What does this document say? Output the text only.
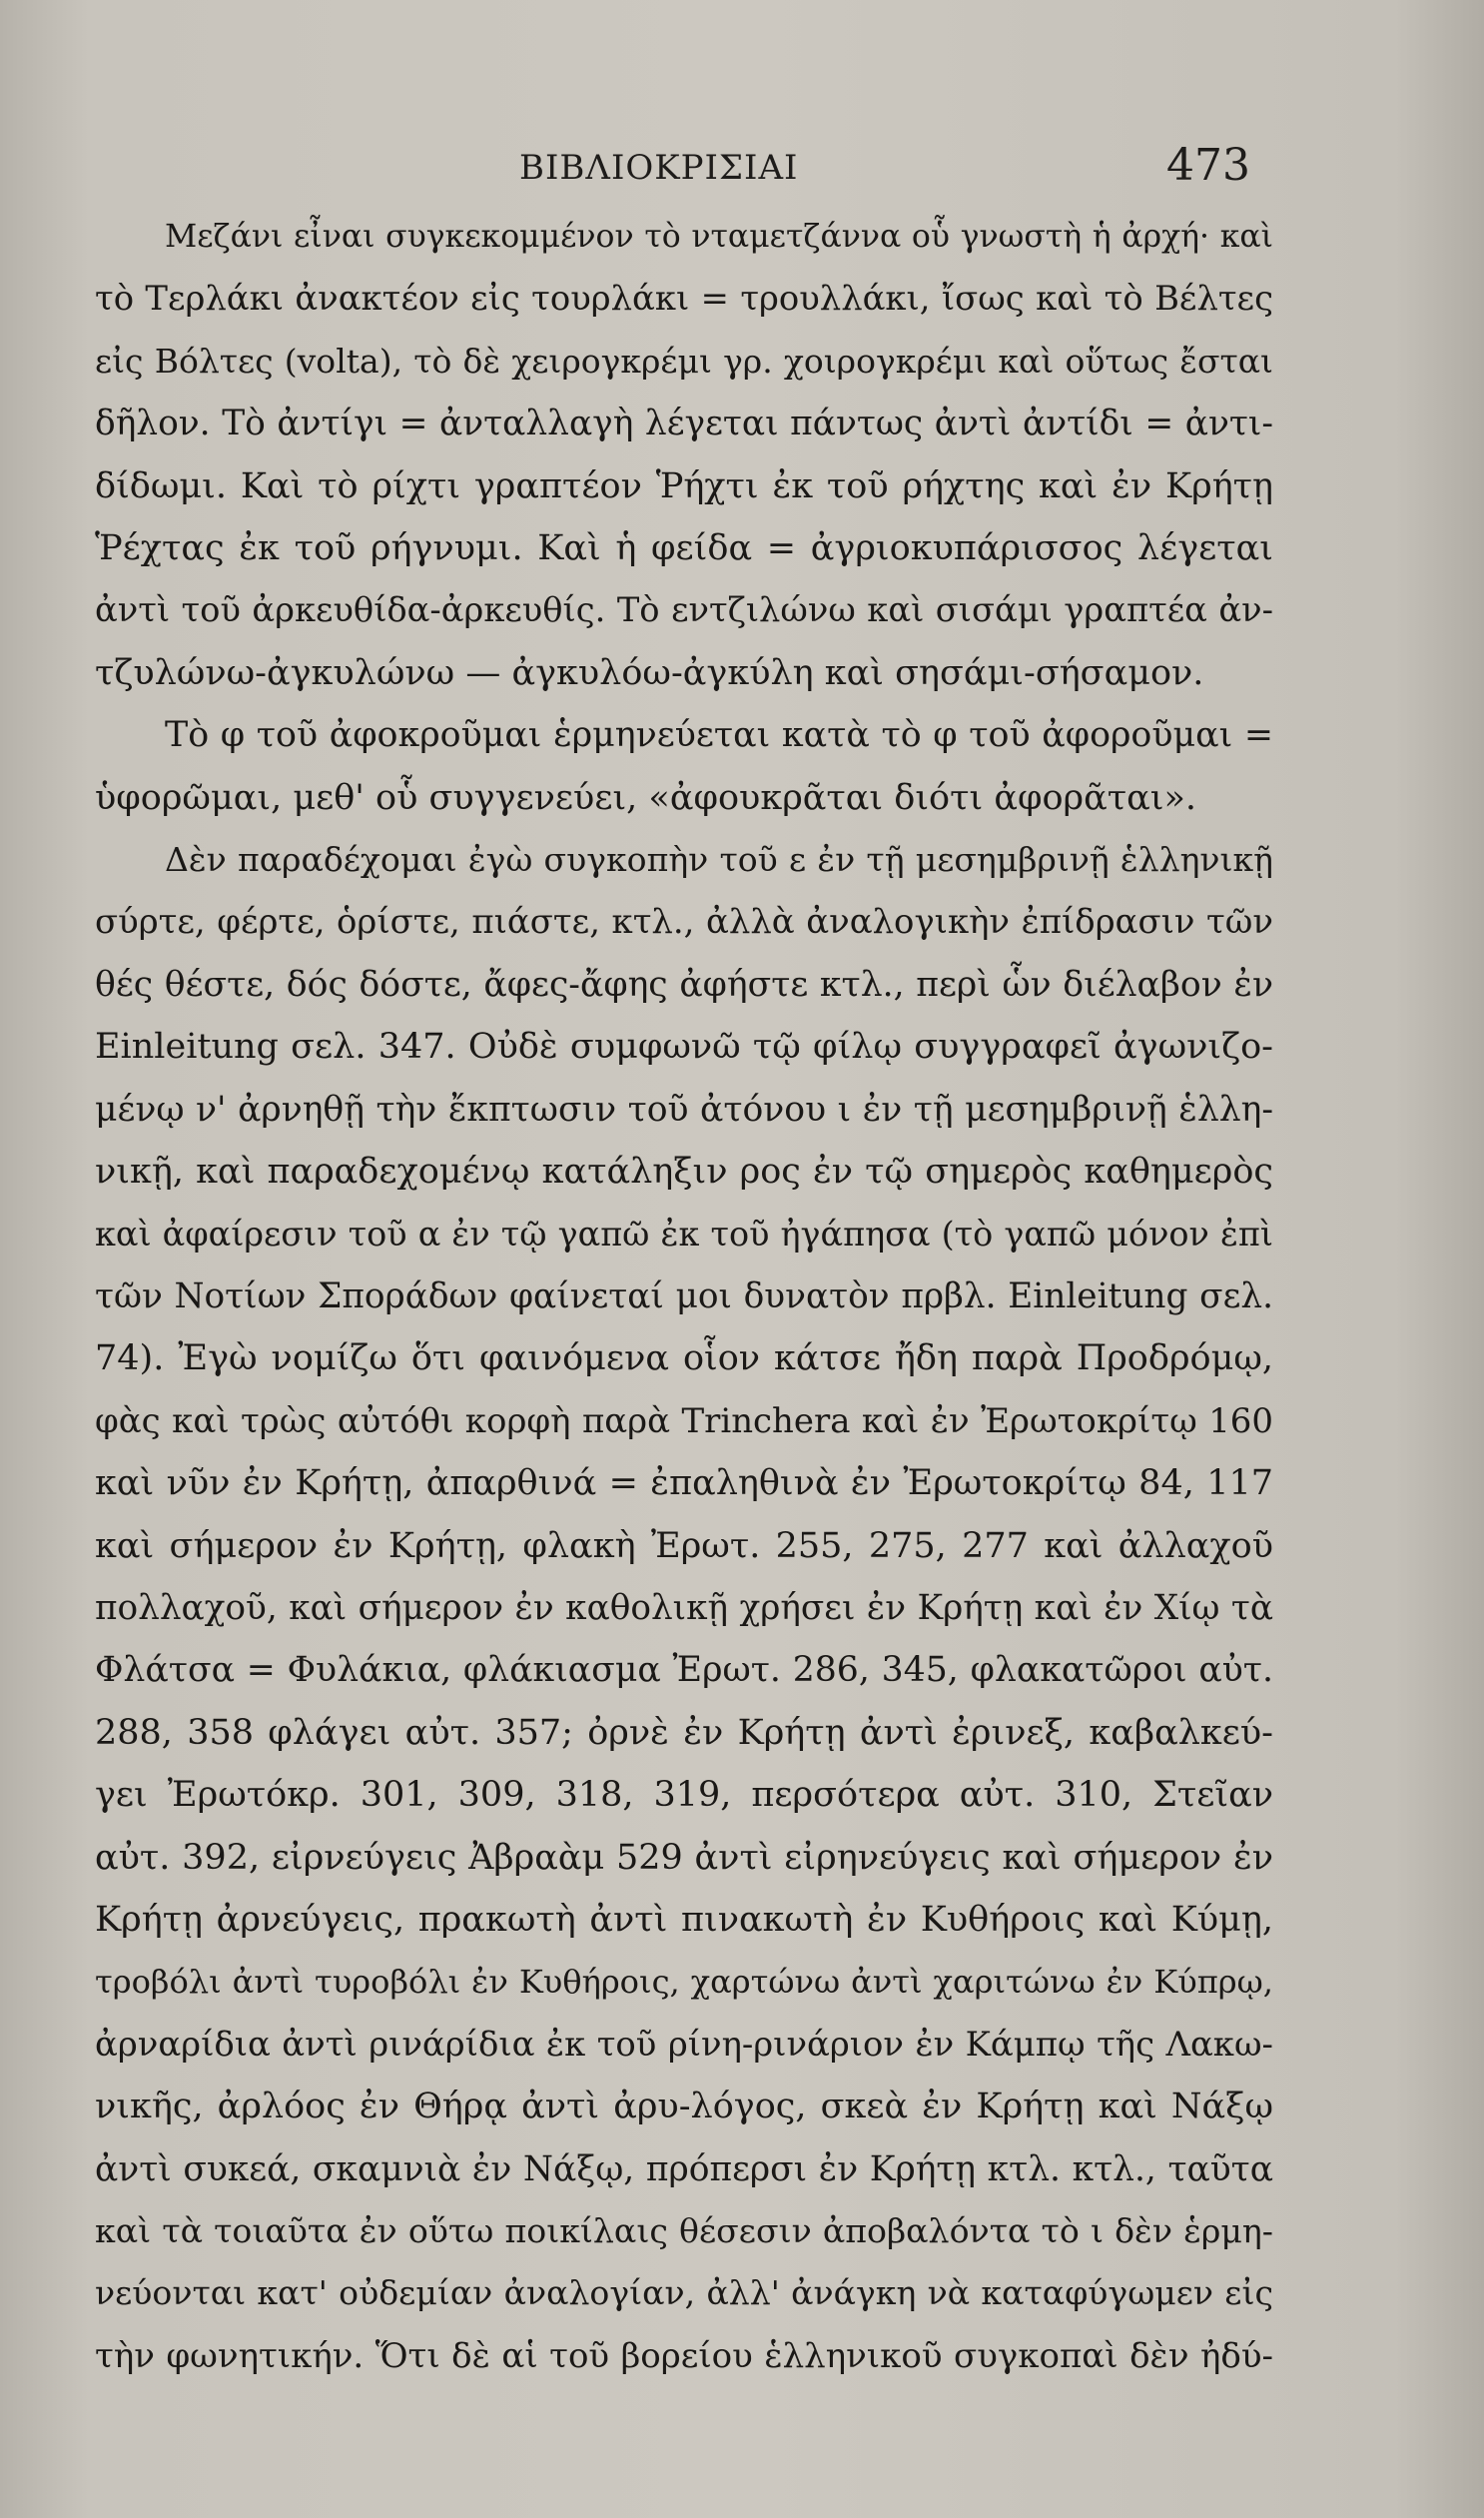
ΒΙΒΛΙΟΚΡΙΣΙΑΙ	473
Μεζάνι εἶναι συγκεκομμένον τὸ νταμετζάννα οὗ γνωστὴ ἡ ἀρχή· καὶ
τὸ Τερλάκι ἀνακτέον εἰς τουρλάκι = τρουλλάκι, ἴσως καὶ τὸ Βέλτες
εἰς Βόλτες (volta), τὸ δὲ χειρογκρέμι γρ. χοιρογκρέμι καὶ οὕτως ἔσται
δῆλον. Τὸ ἀντίγι = ἀνταλλαγὴ λέγεται πάντως ἀντὶ ἀντίδι = ἀντι-
δίδωμι. Καὶ τὸ ρίχτι γραπτέον Ῥήχτι ἐκ τοῦ ρήχτης καὶ ἐν Κρήτῃ
Ῥέχτας ἐκ τοῦ ρήγνυμι. Καὶ ἡ φείδα = ἀγριοκυπάρισσος λέγεται
ἀντὶ τοῦ ἀρκευθίδα-ἀρκευθίς. Τὸ εντζιλώνω καὶ σισάμι γραπτέα ἀν-
τζυλώνω-ἀγκυλώνω — ἀγκυλόω-ἀγκύλη καὶ σησάμι-σήσαμον.
Τὸ φ τοῦ ἀφοκροῦμαι ἑρμηνεύεται κατὰ τὸ φ τοῦ ἀφοροῦμαι =
ὑφορῶμαι, μεθ' οὗ συγγενεύει, «ἀφουκρᾶται διότι ἀφορᾶται».
Δὲν παραδέχομαι ἐγὼ συγκοπὴν τοῦ ε ἐν τῇ μεσημβρινῇ ἑλληνικῇ
σύρτε, φέρτε, ὁρίστε, πιάστε, κτλ., ἀλλὰ ἀναλογικὴν ἐπίδρασιν τῶν
θές θέστε, δός δόστε, ἄφες-ἄφης ἀφήστε κτλ., περὶ ὧν διέλαβον ἐν
Einleitung σελ. 347. Οὐδὲ συμφωνῶ τῷ φίλῳ συγγραφεῖ ἀγωνιζο-
μένῳ ν' ἀρνηθῇ τὴν ἔκπτωσιν τοῦ ἀτόνου ι ἐν τῇ μεσημβρινῇ ἑλλη-
νικῇ, καὶ παραδεχομένῳ κατάληξιν ρος ἐν τῷ σημερὸς καθημερὸς
καὶ ἀφαίρεσιν τοῦ α ἐν τῷ γαπῶ ἐκ τοῦ ἠγάπησα (τὸ γαπῶ μόνον ἐπὶ
τῶν Νοτίων Σποράδων φαίνεταί μοι δυνατὸν πρβλ. Einleitung σελ.
74). Ἐγὼ νομίζω ὅτι φαινόμενα οἷον κάτσε ἤδη παρὰ Προδρόμῳ,
φὰς καὶ τρὼς αὐτόθι κορφὴ παρὰ Trinchera καὶ ἐν Ἐρωτοκρίτῳ 160
καὶ νῦν ἐν Κρήτῃ, ἀπαρθινά = ἐπαληθινὰ ἐν Ἐρωτοκρίτῳ 84, 117
καὶ σήμερον ἐν Κρήτῃ, φλακὴ Ἐρωτ. 255, 275, 277 καὶ ἀλλαχοῦ
πολλαχοῦ, καὶ σήμερον ἐν καθολικῇ χρήσει ἐν Κρήτῃ καὶ ἐν Χίῳ τὰ
Φλάτσα = Φυλάκια, φλάκιασμα Ἐρωτ. 286, 345, φλακατῶροι αὐτ.
288, 358 φλάγει αὐτ. 357; ὀρνὲ ἐν Κρήτῃ ἀντὶ ἐρινεξ, καβαλκεύ-
γει Ἐρωτόκρ. 301, 309, 318, 319, περσότερα αὐτ. 310, Στεῖαν
αὐτ. 392, εἰρνεύγεις Ἀβραὰμ 529 ἀντὶ εἰρηνεύγεις καὶ σήμερον ἐν
Κρήτῃ ἀρνεύγεις, πρακωτὴ ἀντὶ πινακωτὴ ἐν Κυθήροις καὶ Κύμῃ,
τροβόλι ἀντὶ τυροβόλι ἐν Κυθήροις, χαρτώνω ἀντὶ χαριτώνω ἐν Κύπρῳ,
ἀρναρίδια ἀντὶ ρινάρίδια ἐκ τοῦ ρίνη-ρινάριον ἐν Κάμπῳ τῆς Λακω-
νικῆς, ἀρλόος ἐν Θήρᾳ ἀντὶ ἀρυ-λόγος, σκεὰ ἐν Κρήτῃ καὶ Νάξῳ
ἀντὶ συκεά, σκαμνιὰ ἐν Νάξῳ, πρόπερσι ἐν Κρήτῃ κτλ. κτλ., ταῦτα
καὶ τὰ τοιαῦτα ἐν οὕτω ποικίλαις θέσεσιν ἀποβαλόντα τὸ ι δὲν ἑρμη-
νεύονται κατ' οὐδεμίαν ἀναλογίαν, ἀλλ' ἀνάγκη νὰ καταφύγωμεν εἰς
τὴν φωνητικήν. Ὅτι δὲ αἱ τοῦ βορείου ἑλληνικοῦ συγκοπαὶ δὲν ἠδύ-
